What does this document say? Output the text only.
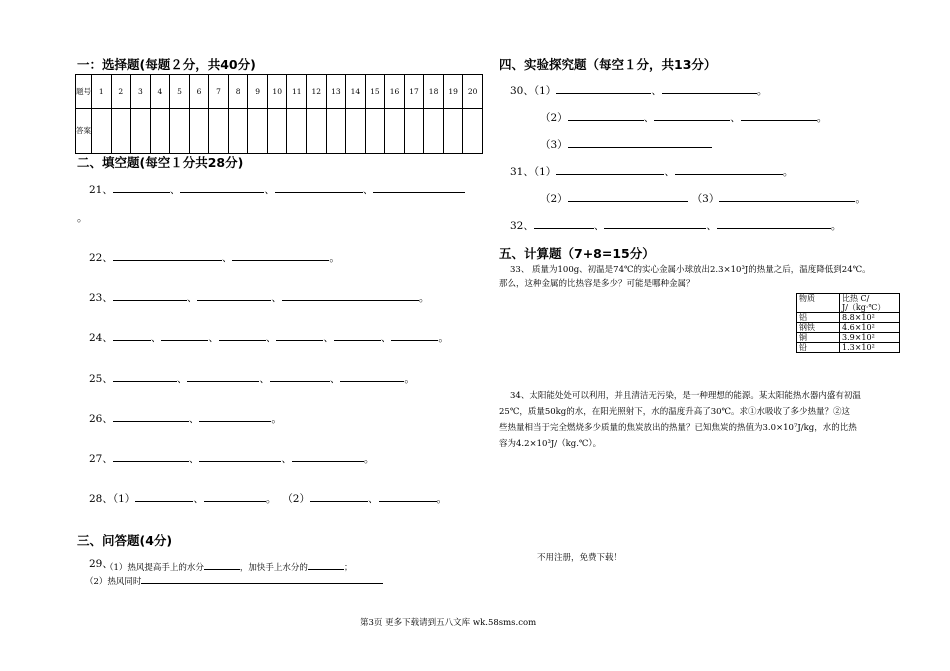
一：选择题(每题２分，共40分)
题号	1	2	3	4	5	6	7	8	9	10	11	12	13	14	15	16	17	18	19	20
答案																				
二、填空题(每空１分共28分)
21、	、	、	、
。
22、	、	。
23、	、	、	。
24、	、	、	、	、	、	。
25、	、	、	、	。
26、	、	。
27、	、	、	。
28、（1）	、	。 （2）	、	。
三、问答题(4分)
29、
（1）热风提高手上的水分	，加快手上水分的	；
（2）热风同时
四、实验探究题（每空１分，共13分）
30、（1）	、	。
（2）	、	、	。
（3）
31、（1）	、	。
（2）	（3）	。
32、	、	、	。
五、计算题（7+8=15分）
33、 质量为100g、初温是74℃的实心金属小球放出2.3×10³J的热量之后，温度降低到24℃。
那么，这种金属的比热容是多少？可能是哪种金属？
物质	比热 C/
J/（kg·℃）
铝	8.8×10²
钢铁	4.6×10²
铜	3.9×10²
铅	1.3×10²
34、太阳能处处可以利用，并且清洁无污染，是一种理想的能源。某太阳能热水器内盛有初温
25℃，质量50kg的水，在阳光照射下，水的温度升高了30℃。求①水吸收了多少热量？②这
些热量相当于完全燃烧多少质量的焦炭放出的热量？已知焦炭的热值为3.0×10⁷J/kg，水的比热
容为4.2×10³J/（kg.℃）。
不用注册，免费下载！
第3页 更多下载请到五八文库 wk.58sms.com
